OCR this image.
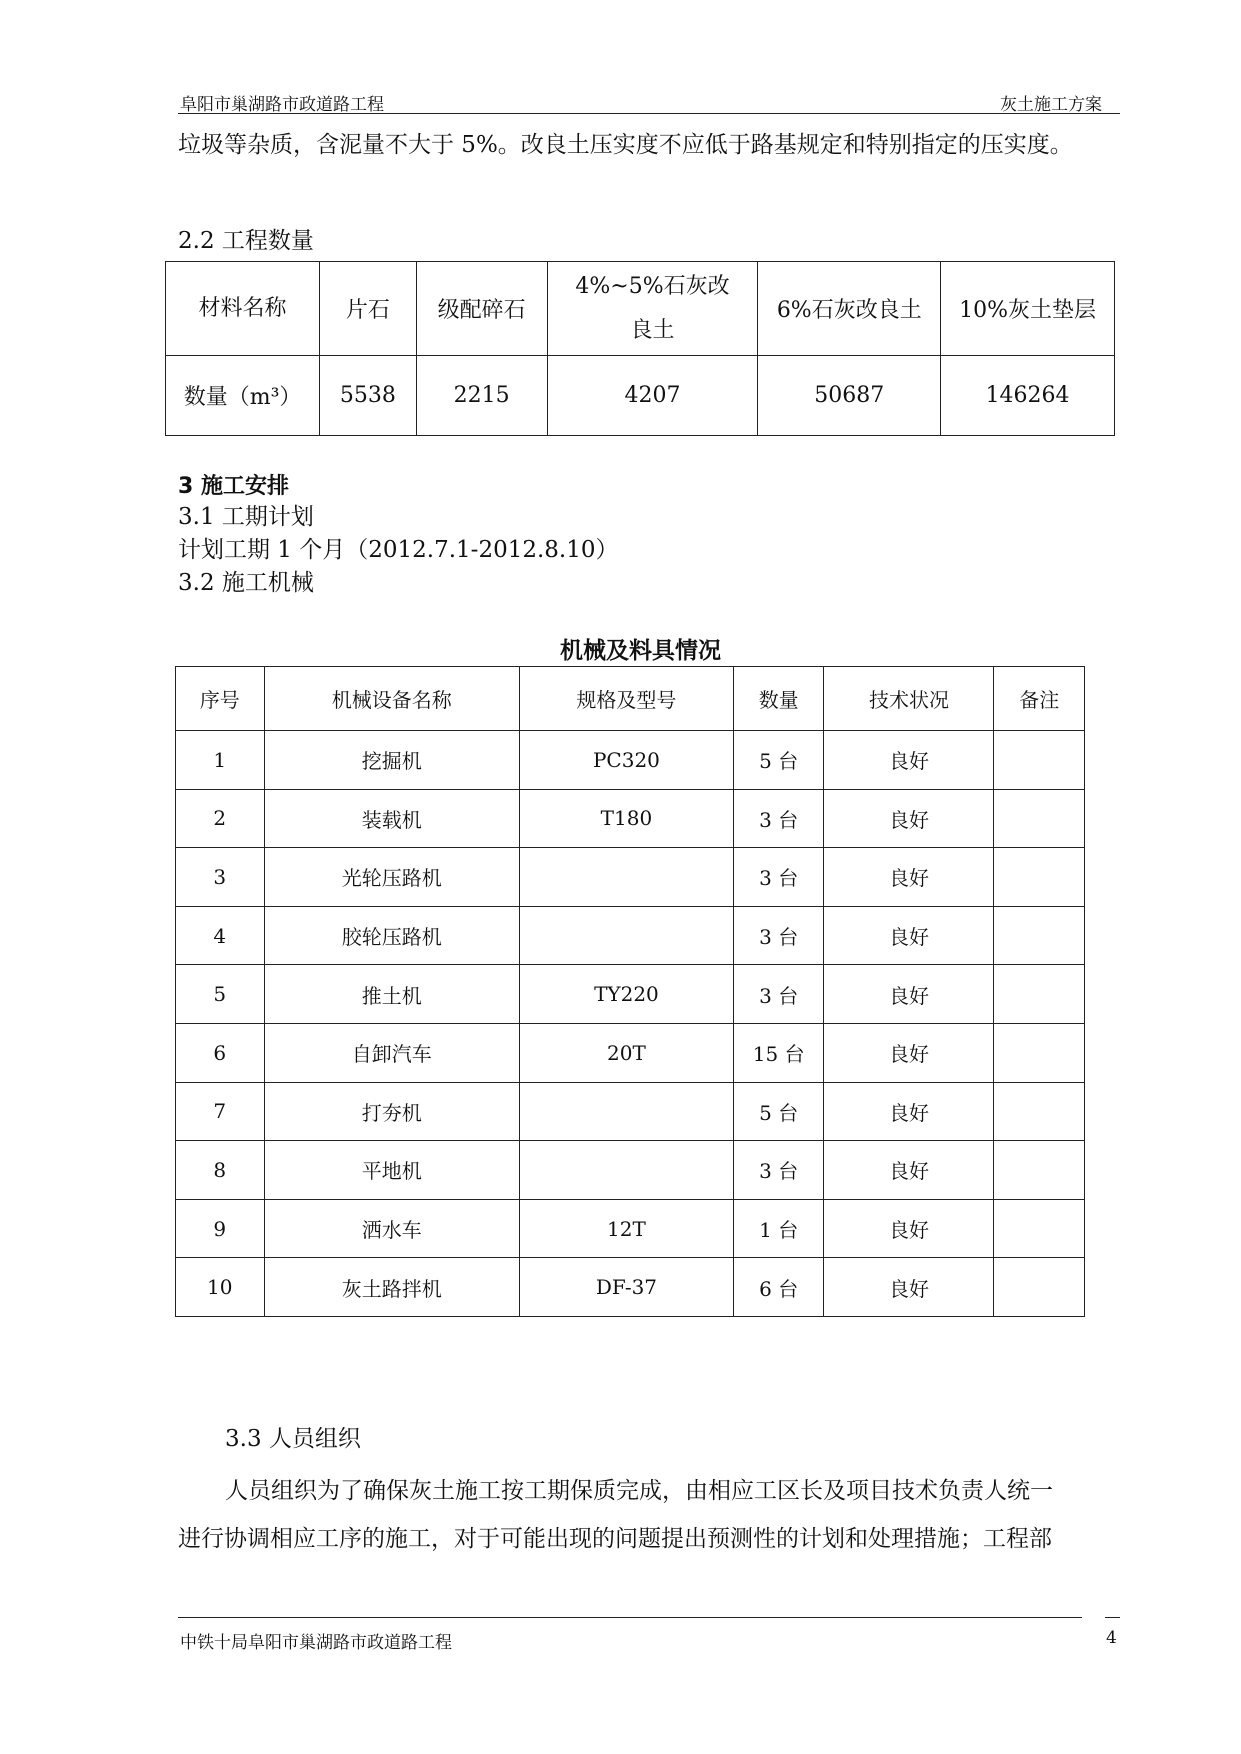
阜阳市巢湖路市政道路工程	灰土施工方案
垃圾等杂质，含泥量不大于 5%。改良土压实度不应低于路基规定和特别指定的压实度。
2.2 工程数量
材料名称	片石	级配碎石	4%~5%石灰改良土	6%石灰改良土	10%灰土垫层
数量（m³）	5538	2215	4207	50687	146264
3 施工安排
3.1 工期计划
计划工期 1 个月（2012.7.1-2012.8.10）
3.2 施工机械
机械及料具情况
序号	机械设备名称	规格及型号	数量	技术状况	备注
1	挖掘机	PC320	5 台	良好	
2	装载机	T180	3 台	良好	
3	光轮压路机		3 台	良好	
4	胶轮压路机		3 台	良好	
5	推土机	TY220	3 台	良好	
6	自卸汽车	20T	15 台	良好	
7	打夯机		5 台	良好	
8	平地机		3 台	良好	
9	洒水车	12T	1 台	良好	
10	灰土路拌机	DF-37	6 台	良好	
3.3 人员组织
人员组织为了确保灰土施工按工期保质完成，由相应工区长及项目技术负责人统一
进行协调相应工序的施工，对于可能出现的问题提出预测性的计划和处理措施；工程部
中铁十局阜阳市巢湖路市政道路工程	4
